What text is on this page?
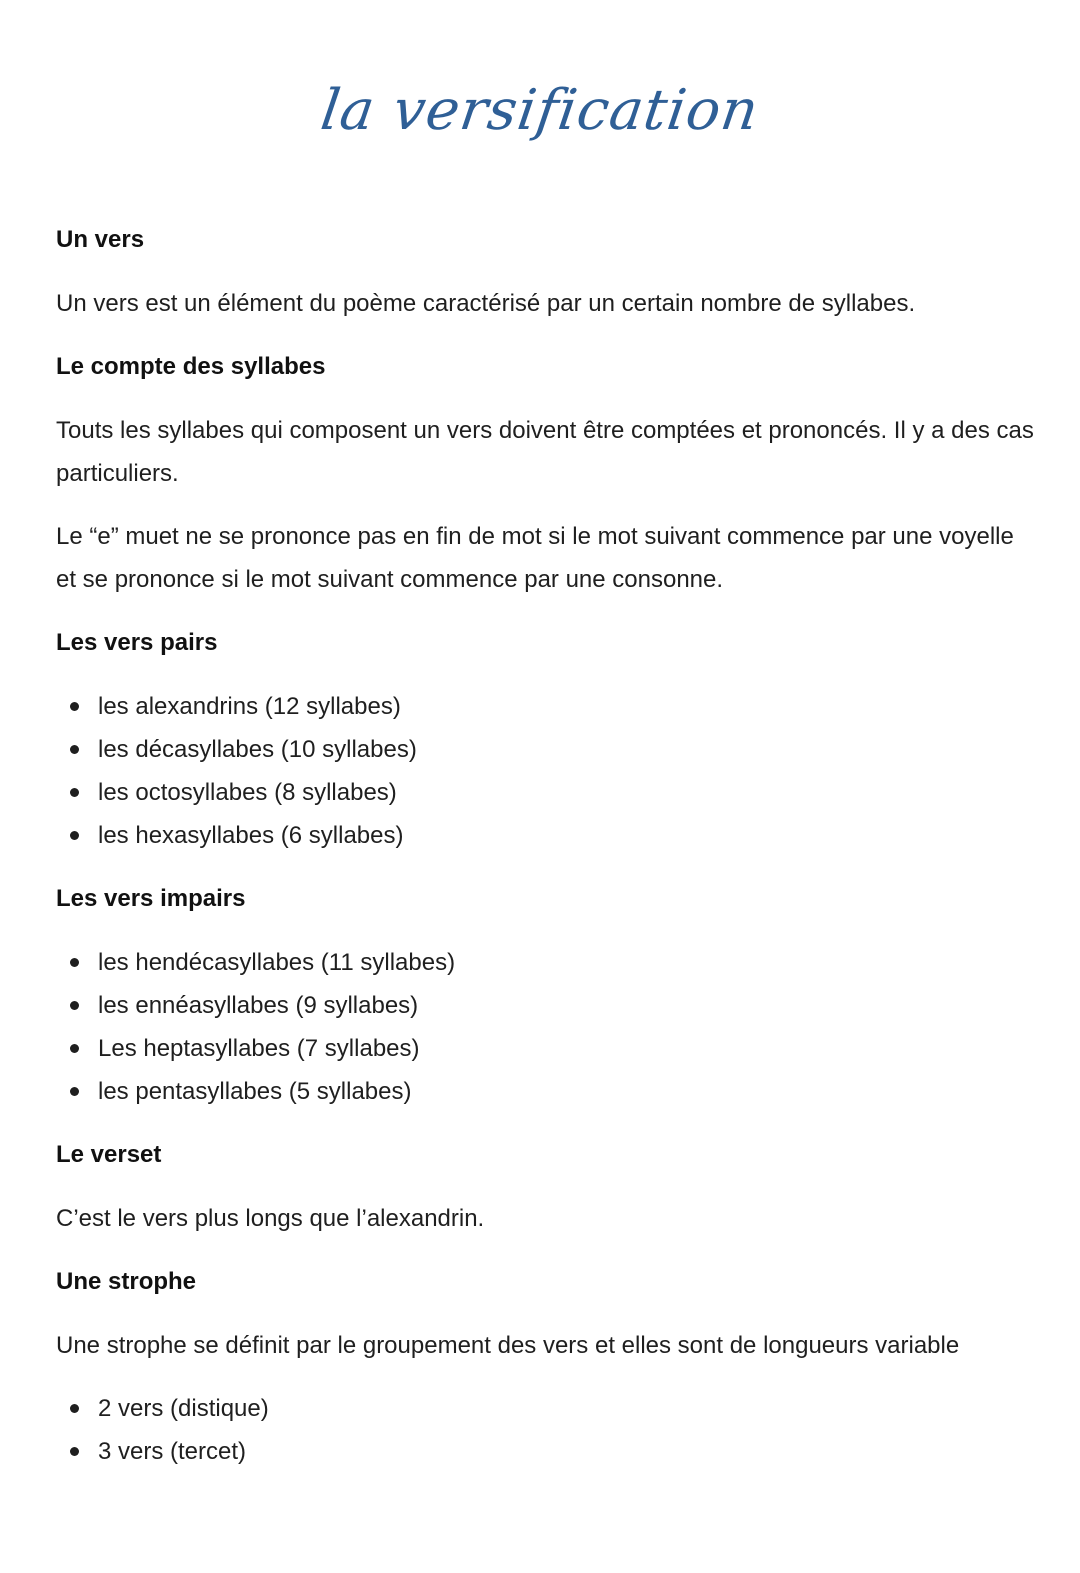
la versification
Un vers

Un vers est un élément du poème caractérisé par un certain nombre de syllabes.

Le compte des syllabes

Touts les syllabes qui composent un vers doivent être comptées et prononcés. Il y a des cas particuliers.

Le “e” muet ne se prononce pas en fin de mot si le mot suivant commence par une voyelle et se prononce si le mot suivant commence par une consonne.

Les vers pairs
les alexandrins (12 syllabes)
les décasyllabes (10 syllabes)
les octosyllabes (8 syllabes)
les hexasyllabes (6 syllabes)
Les vers impairs
les hendécasyllabes (11 syllabes)
les ennéasyllabes (9 syllabes)
Les heptasyllabes (7 syllabes)
les pentasyllabes (5 syllabes)
Le verset

C’est le vers plus longs que l’alexandrin.

Une strophe

Une strophe se définit par le groupement des vers et elles sont de longueurs variable

2 vers (distique)
3 vers (tercet)
